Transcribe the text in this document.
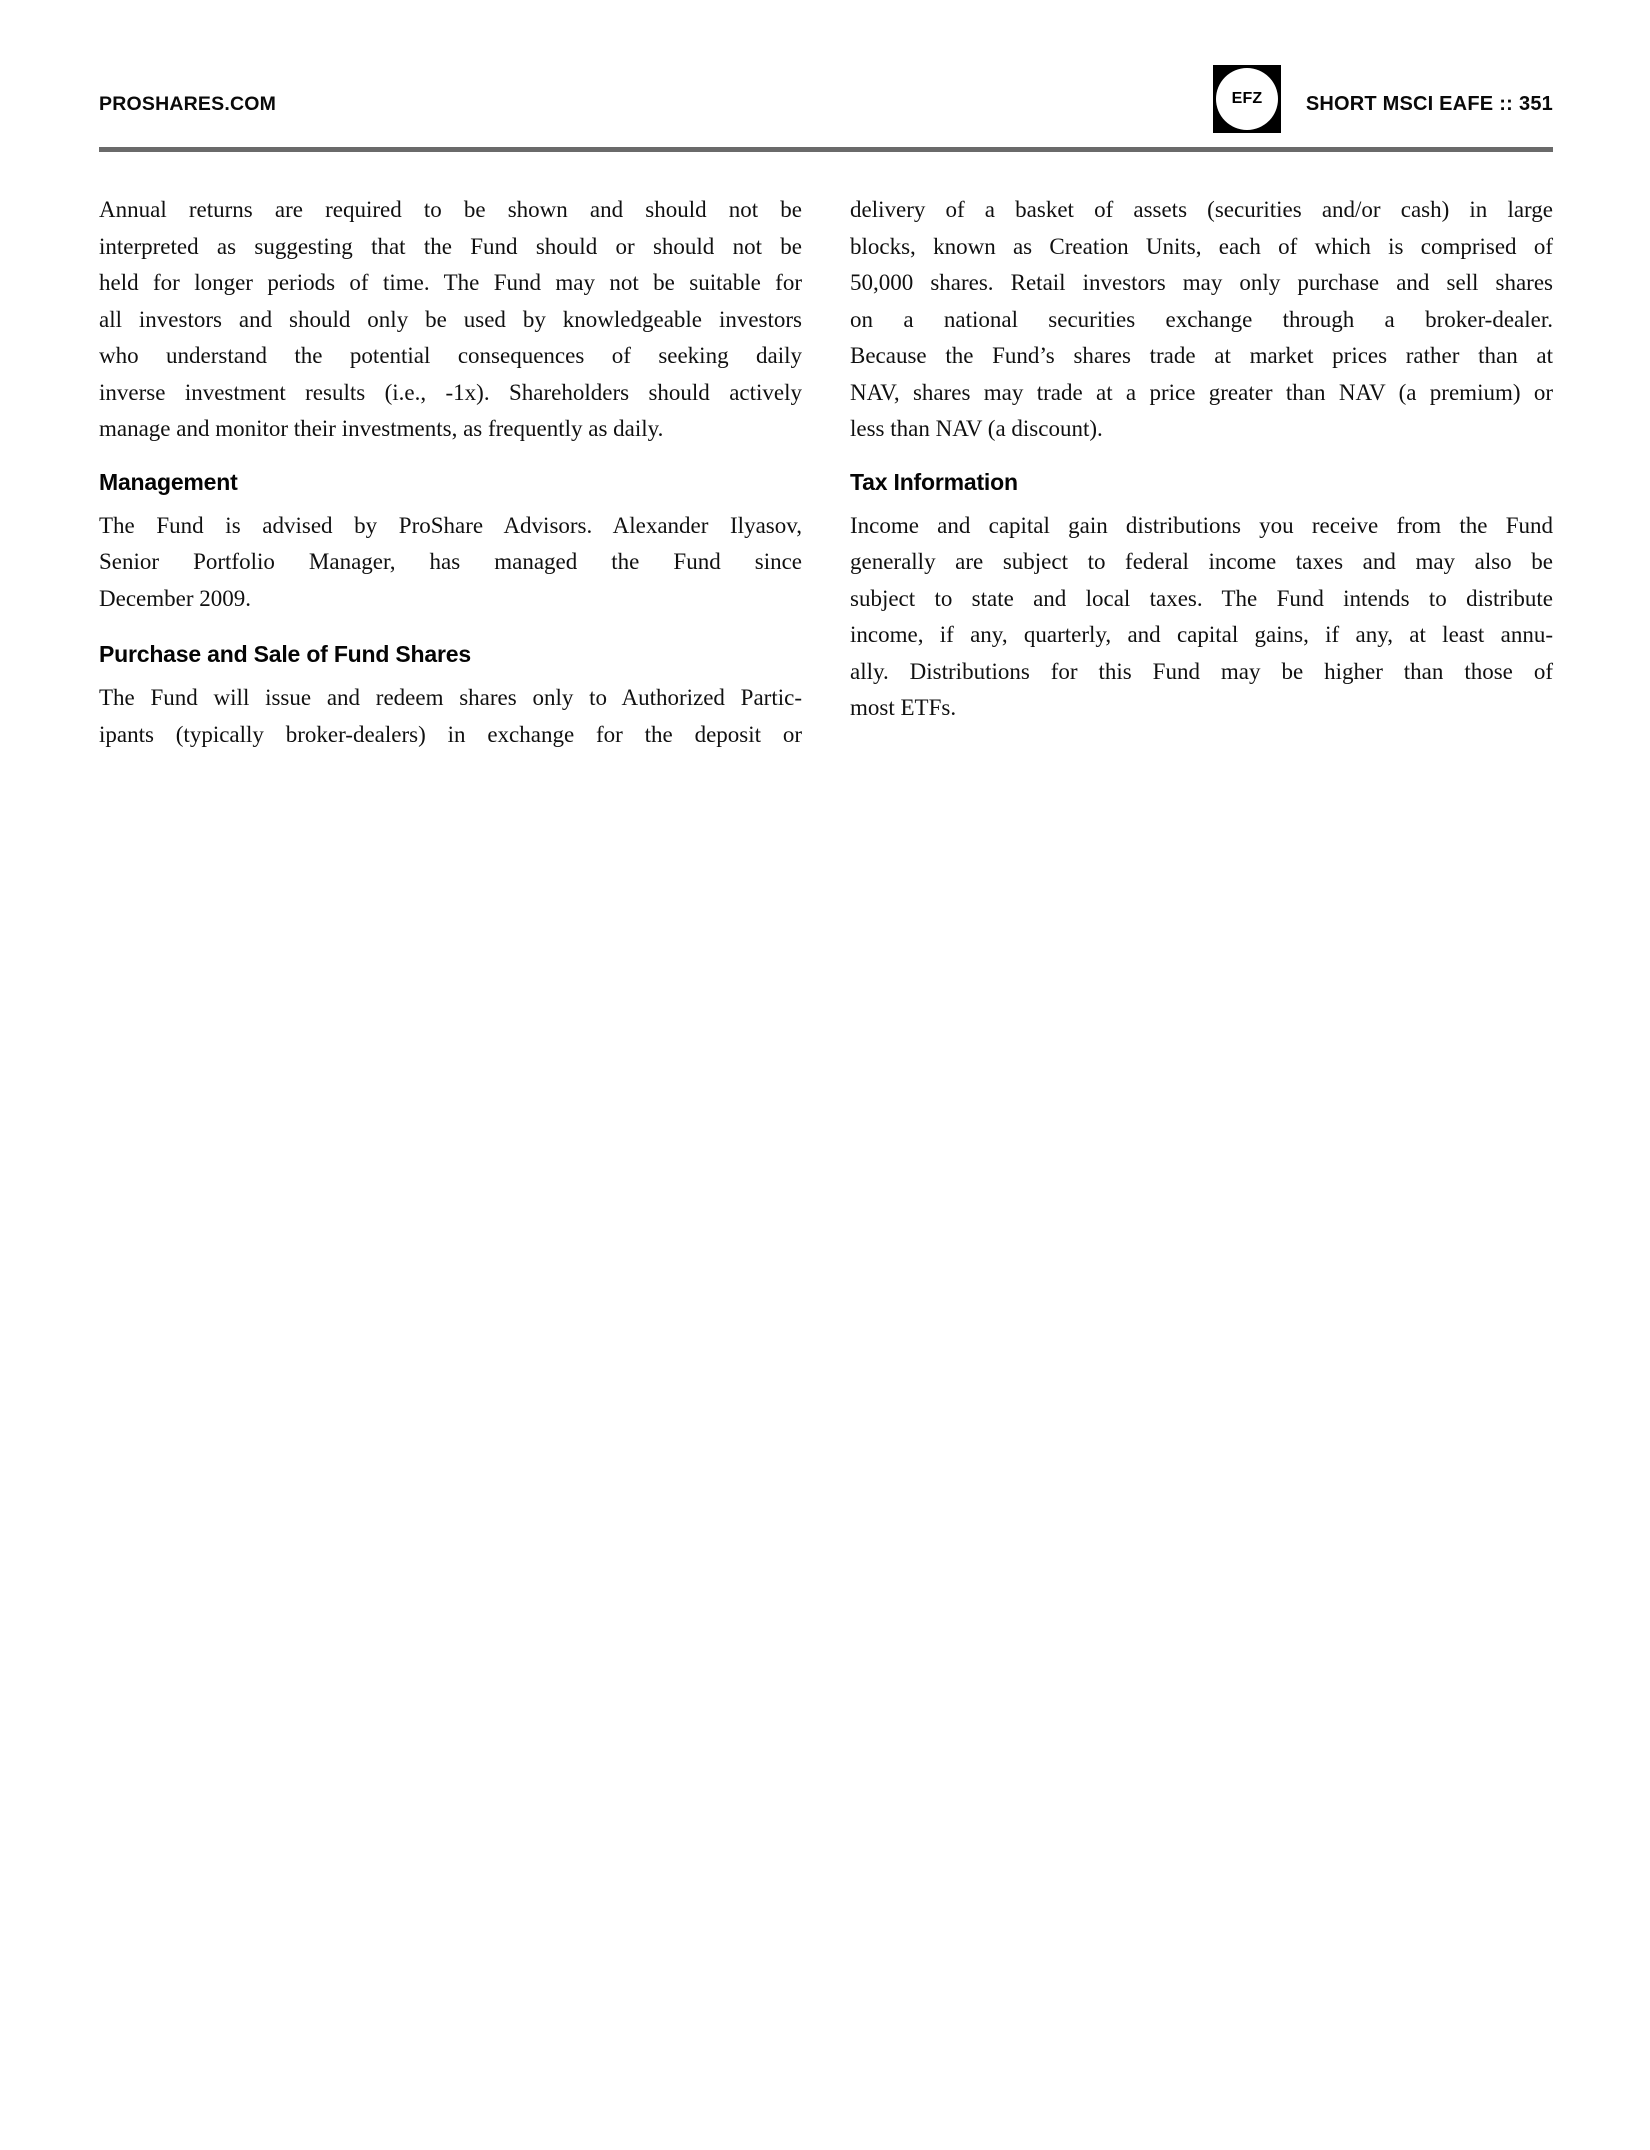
PROSHARES.COM	EFZ SHORT MSCI EAFE :: 351
Annual returns are required to be shown and should not be
interpreted as suggesting that the Fund should or should not be
held for longer periods of time. The Fund may not be suitable for
all investors and should only be used by knowledgeable investors
who understand the potential consequences of seeking daily
inverse investment results (i.e., -1x). Shareholders should actively
manage and monitor their investments, as frequently as daily.
Management
The Fund is advised by ProShare Advisors. Alexander Ilyasov,
Senior Portfolio Manager, has managed the Fund since
December 2009.
Purchase and Sale of Fund Shares
The Fund will issue and redeem shares only to Authorized Partic-
ipants (typically broker-dealers) in exchange for the deposit or
delivery of a basket of assets (securities and/or cash) in large
blocks, known as Creation Units, each of which is comprised of
50,000 shares. Retail investors may only purchase and sell shares
on a national securities exchange through a broker-dealer.
Because the Fund’s shares trade at market prices rather than at
NAV, shares may trade at a price greater than NAV (a premium) or
less than NAV (a discount).
Tax Information
Income and capital gain distributions you receive from the Fund
generally are subject to federal income taxes and may also be
subject to state and local taxes. The Fund intends to distribute
income, if any, quarterly, and capital gains, if any, at least annu-
ally. Distributions for this Fund may be higher than those of
most ETFs.
